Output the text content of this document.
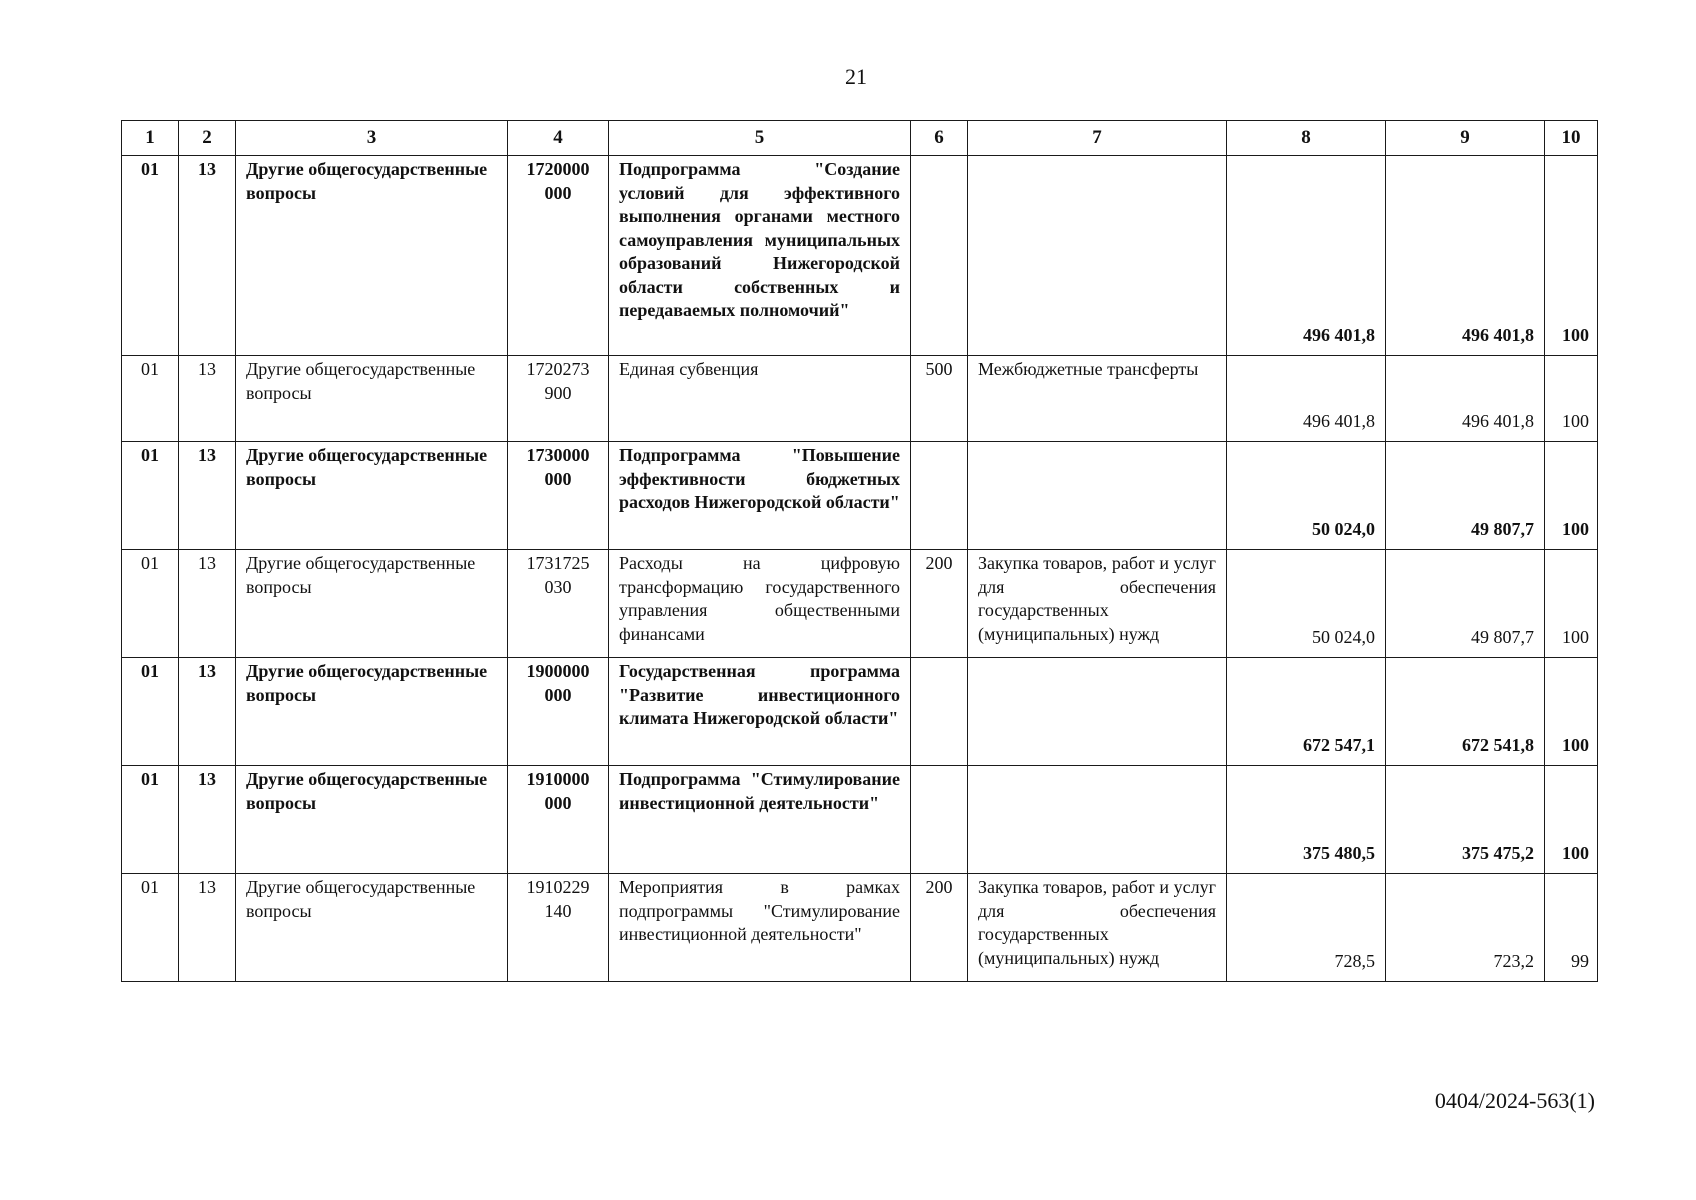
21
1	2	3	4	5	6	7	8	9	10
01	13	Другие общегосударственные вопросы	1720000 000	Подпрограмма "Создание условий для эффективного выполнения органами местного самоуправления муниципальных образований Нижегородской области собственных и передаваемых полномочий"			496 401,8	496 401,8	100
01	13	Другие общегосударственные вопросы	1720273 900	Единая субвенция	500	Межбюджетные трансферты	496 401,8	496 401,8	100
01	13	Другие общегосударственные вопросы	1730000 000	Подпрограмма "Повышение эффективности бюджетных расходов Нижегородской области"			50 024,0	49 807,7	100
01	13	Другие общегосударственные вопросы	1731725 030	Расходы на цифровую трансформацию государственного управления общественными финансами	200	Закупка товаров, работ и услуг для обеспечения государственных (муниципальных) нужд	50 024,0	49 807,7	100
01	13	Другие общегосударственные вопросы	1900000 000	Государственная программа "Развитие инвестиционного климата Нижегородской области"			672 547,1	672 541,8	100
01	13	Другие общегосударственные вопросы	1910000 000	Подпрограмма "Стимулирование инвестиционной деятельности"			375 480,5	375 475,2	100
01	13	Другие общегосударственные вопросы	1910229 140	Мероприятия в рамках подпрограммы "Стимулирование инвестиционной деятельности"	200	Закупка товаров, работ и услуг для обеспечения государственных (муниципальных) нужд	728,5	723,2	99
0404/2024-563(1)
